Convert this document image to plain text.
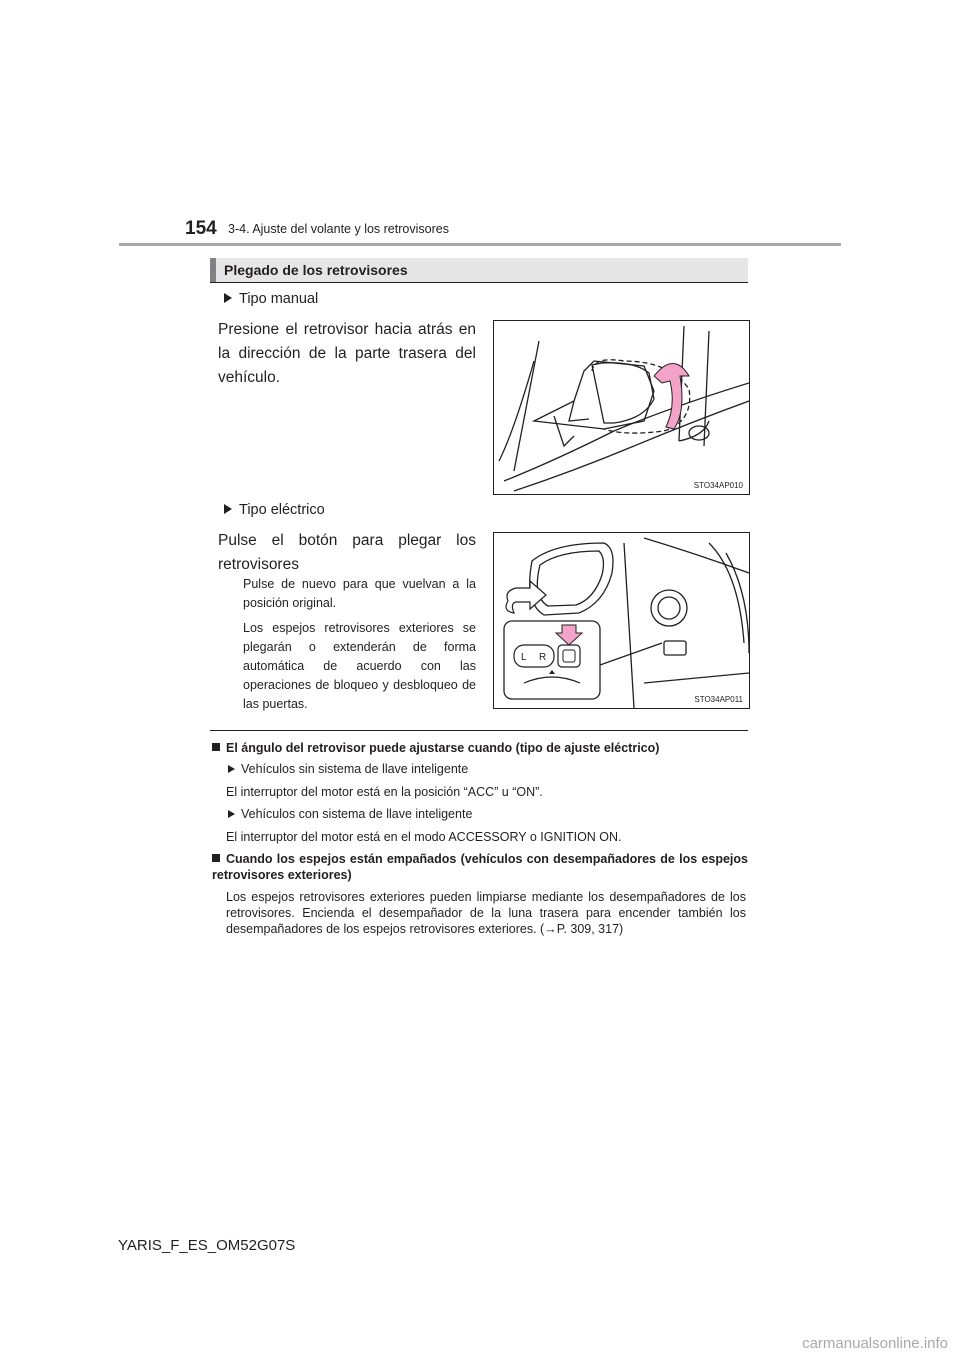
154 3-4. Ajuste del volante y los retrovisores
Plegado de los retrovisores
Tipo manual
Presione el retrovisor hacia atrás en la dirección de la parte trasera del vehículo.
STO34AP010
Tipo eléctrico
Pulse el botón para plegar los retrovisores
Pulse de nuevo para que vuelvan a la posición original.
Los espejos retrovisores exteriores se plegarán o extenderán de forma automática de acuerdo con las operaciones de bloqueo y desbloqueo de las puertas.
L R
STO34AP011
El ángulo del retrovisor puede ajustarse cuando (tipo de ajuste eléctrico)
Vehículos sin sistema de llave inteligente
El interruptor del motor está en la posición “ACC” u “ON”.
Vehículos con sistema de llave inteligente
El interruptor del motor está en el modo ACCESSORY o IGNITION ON.
Cuando los espejos están empañados (vehículos con desempañadores de los espejos retrovisores exteriores)
Los espejos retrovisores exteriores pueden limpiarse mediante los desempañadores de los retrovisores. Encienda el desempañador de la luna trasera para encender también los desempañadores de los espejos retrovisores exteriores. (→P. 309, 317)
YARIS_F_ES_OM52G07S
carmanualsonline.info
